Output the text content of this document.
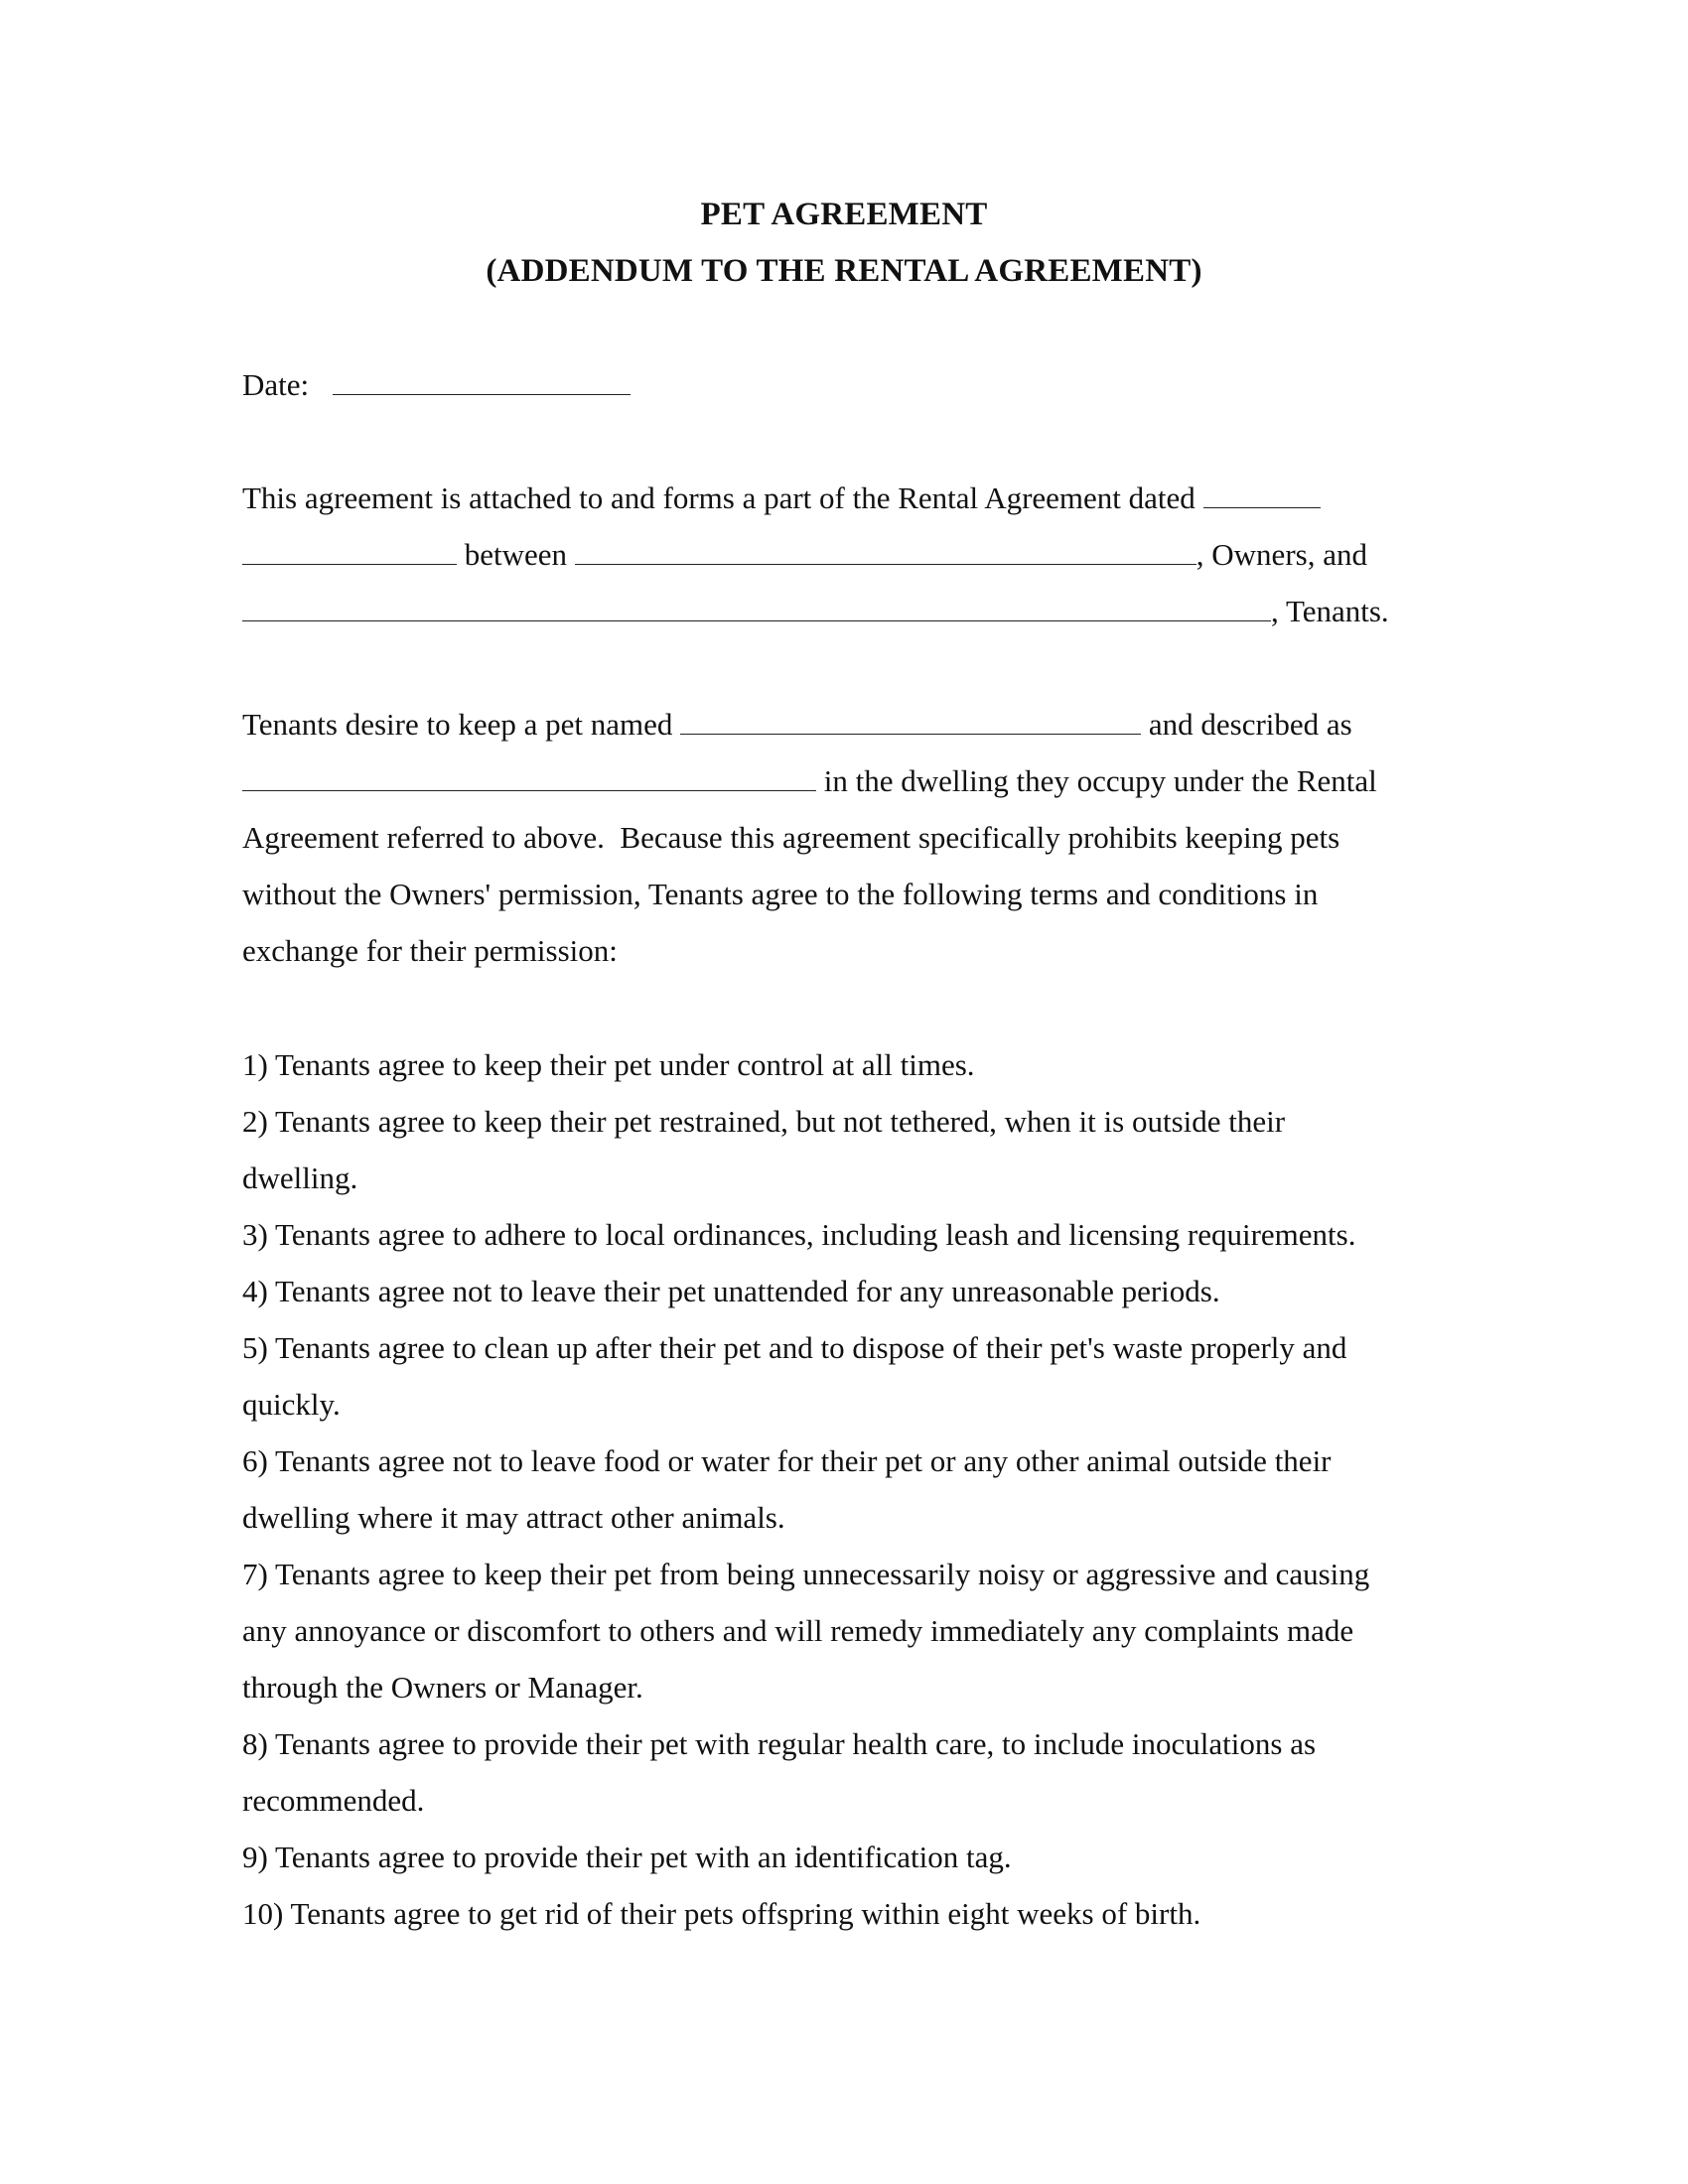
PET AGREEMENT
(ADDENDUM TO THE RENTAL AGREEMENT)
Date:
This agreement is attached to and forms a part of the Rental Agreement dated
between	, Owners, and
, Tenants.
Tenants desire to keep a pet named	and described as
in the dwelling they occupy under the Rental
Agreement referred to above.  Because this agreement specifically prohibits keeping pets
without the Owners' permission, Tenants agree to the following terms and conditions in
exchange for their permission:
1) Tenants agree to keep their pet under control at all times.
2) Tenants agree to keep their pet restrained, but not tethered, when it is outside their
dwelling.
3) Tenants agree to adhere to local ordinances, including leash and licensing requirements.
4) Tenants agree not to leave their pet unattended for any unreasonable periods.
5) Tenants agree to clean up after their pet and to dispose of their pet's waste properly and
quickly.
6) Tenants agree not to leave food or water for their pet or any other animal outside their
dwelling where it may attract other animals.
7) Tenants agree to keep their pet from being unnecessarily noisy or aggressive and causing
any annoyance or discomfort to others and will remedy immediately any complaints made
through the Owners or Manager.
8) Tenants agree to provide their pet with regular health care, to include inoculations as
recommended.
9) Tenants agree to provide their pet with an identification tag.
10) Tenants agree to get rid of their pets offspring within eight weeks of birth.
